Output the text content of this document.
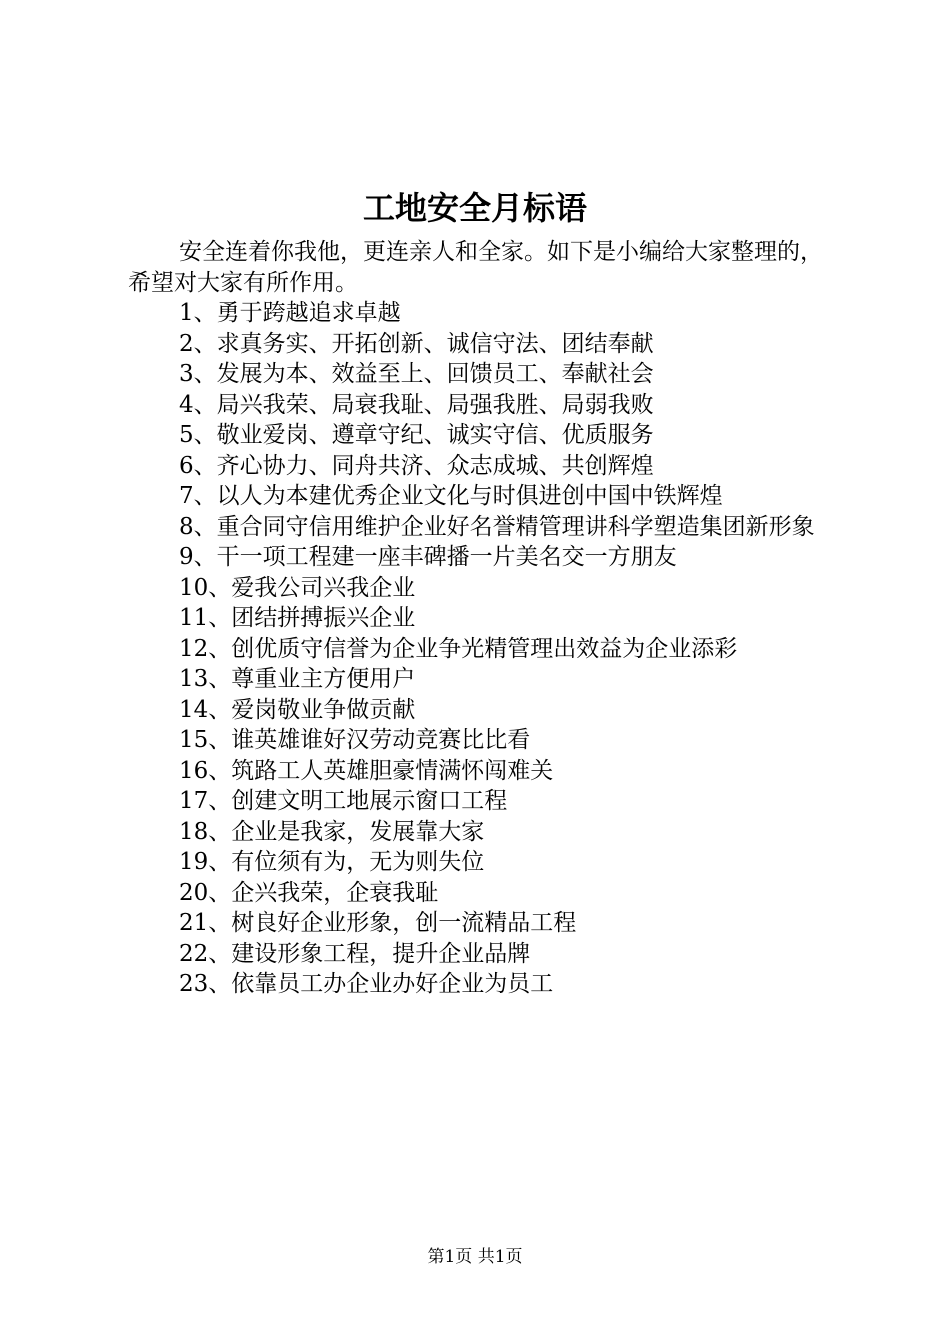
工地安全月标语

安全连着你我他，更连亲人和全家。如下是小编给大家整理的，希望对大家有所作用。

1、勇于跨越追求卓越
2、求真务实、开拓创新、诚信守法、团结奉献
3、发展为本、效益至上、回馈员工、奉献社会
4、局兴我荣、局衰我耻、局强我胜、局弱我败
5、敬业爱岗、遵章守纪、诚实守信、优质服务
6、齐心协力、同舟共济、众志成城、共创辉煌
7、以人为本建优秀企业文化与时俱进创中国中铁辉煌
8、重合同守信用维护企业好名誉精管理讲科学塑造集团新形象
9、干一项工程建一座丰碑播一片美名交一方朋友
10、爱我公司兴我企业
11、团结拼搏振兴企业
12、创优质守信誉为企业争光精管理出效益为企业添彩
13、尊重业主方便用户
14、爱岗敬业争做贡献
15、谁英雄谁好汉劳动竞赛比比看
16、筑路工人英雄胆豪情满怀闯难关
17、创建文明工地展示窗口工程
18、企业是我家，发展靠大家
19、有位须有为，无为则失位
20、企兴我荣，企衰我耻
21、树良好企业形象，创一流精品工程
22、建设形象工程，提升企业品牌
23、依靠员工办企业办好企业为员工
第1页 共1页
